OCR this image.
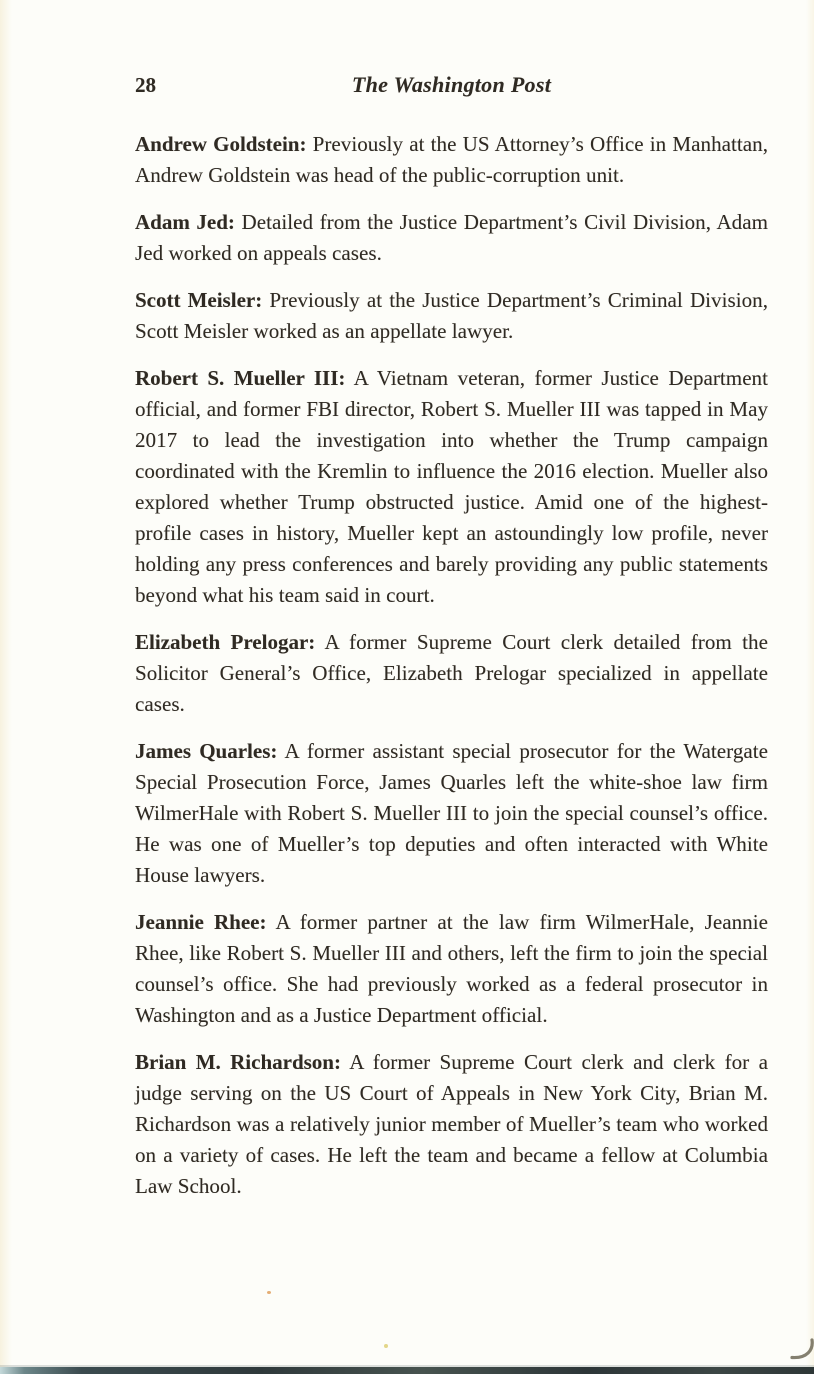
28	The Washington Post

Andrew Goldstein: Previously at the US Attorney’s Office in Manhattan, Andrew Goldstein was head of the public-corruption unit.

Adam Jed: Detailed from the Justice Department’s Civil Division, Adam Jed worked on appeals cases.

Scott Meisler: Previously at the Justice Department’s Criminal Division, Scott Meisler worked as an appellate lawyer.

Robert S. Mueller III: A Vietnam veteran, former Justice Department official, and former FBI director, Robert S. Mueller III was tapped in May 2017 to lead the investigation into whether the Trump campaign coordinated with the Kremlin to influence the 2016 election. Mueller also explored whether Trump obstructed justice. Amid one of the highest-profile cases in history, Mueller kept an astoundingly low profile, never holding any press conferences and barely providing any public statements beyond what his team said in court.

Elizabeth Prelogar: A former Supreme Court clerk detailed from the Solicitor General’s Office, Elizabeth Prelogar specialized in appellate cases.

James Quarles: A former assistant special prosecutor for the Watergate Special Prosecution Force, James Quarles left the white-shoe law firm WilmerHale with Robert S. Mueller III to join the special counsel’s office. He was one of Mueller’s top deputies and often interacted with White House lawyers.

Jeannie Rhee: A former partner at the law firm WilmerHale, Jeannie Rhee, like Robert S. Mueller III and others, left the firm to join the special counsel’s office. She had previously worked as a federal prosecutor in Washington and as a Justice Department official.

Brian M. Richardson: A former Supreme Court clerk and clerk for a judge serving on the US Court of Appeals in New York City, Brian M. Richardson was a relatively junior member of Mueller’s team who worked on a variety of cases. He left the team and became a fellow at Columbia Law School.
